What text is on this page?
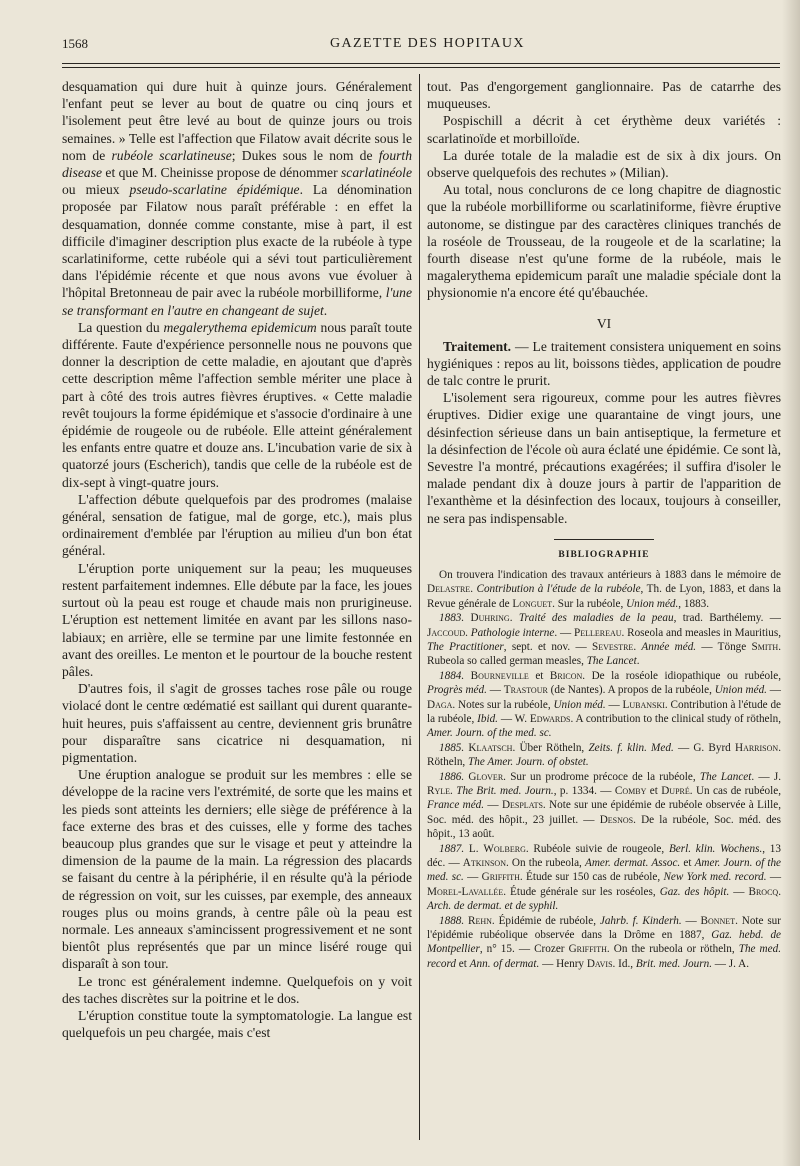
1568	GAZETTE DES HOPITAUX

desquamation qui dure huit à quinze jours. Généralement l'enfant peut se lever au bout de quatre ou cinq jours et l'isolement peut être levé au bout de quinze jours ou trois semaines. » Telle est l'affection que Filatow avait décrite sous le nom de rubéole scarlatineuse; Dukes sous le nom de fourth disease et que M. Cheinisse propose de dénommer scarlatinéole ou mieux pseudo-scarlatine épidémique. La dénomination proposée par Filatow nous paraît préférable : en effet la desquamation, donnée comme constante, mise à part, il est difficile d'imaginer description plus exacte de la rubéole à type scarlatiniforme, cette rubéole qui a sévi tout particulièrement dans l'épidémie récente et que nous avons vue évoluer à l'hôpital Bretonneau de pair avec la rubéole morbilliforme, l'une se transformant en l'autre en changeant de sujet.

La question du megalerythema epidemicum nous paraît toute différente. Faute d'expérience personnelle nous ne pouvons que donner la description de cette maladie, en ajoutant que d'après cette description même l'affection semble mériter une place à part à côté des trois autres fièvres éruptives. « Cette maladie revêt toujours la forme épidémique et s'associe d'ordinaire à une épidémie de rougeole ou de rubéole. Elle atteint généralement les enfants entre quatre et douze ans. L'incubation varie de six à quatorzé jours (Escherich), tandis que celle de la rubéole est de dix-sept à vingt-quatre jours.

L'affection débute quelquefois par des prodromes (malaise général, sensation de fatigue, mal de gorge, etc.), mais plus ordinairement d'emblée par l'éruption au milieu d'un bon état général.

L'éruption porte uniquement sur la peau; les muqueuses restent parfaitement indemnes. Elle débute par la face, les joues surtout où la peau est rouge et chaude mais non prurigineuse. L'éruption est nettement limitée en avant par les sillons naso-labiaux; en arrière, elle se termine par une limite festonnée en avant des oreilles. Le menton et le pourtour de la bouche restent pâles.

D'autres fois, il s'agit de grosses taches rose pâle ou rouge violacé dont le centre œdématié est saillant qui durent quarante-huit heures, puis s'affaissent au centre, deviennent gris brunâtre pour disparaître sans cicatrice ni desquamation, ni pigmentation.

Une éruption analogue se produit sur les membres : elle se développe de la racine vers l'extrémité, de sorte que les mains et les pieds sont atteints les derniers; elle siège de préférence à la face externe des bras et des cuisses, elle y forme des taches beaucoup plus grandes que sur le visage et peut y atteindre la dimension de la paume de la main. La régression des placards se faisant du centre à la périphérie, il en résulte qu'à la période de régression on voit, sur les cuisses, par exemple, des anneaux rouges plus ou moins grands, à centre pâle où la peau est normale. Les anneaux s'amincissent progressivement et ne sont bientôt plus représentés que par un mince liséré rouge qui disparaît à son tour.

Le tronc est généralement indemne. Quelquefois on y voit des taches discrètes sur la poitrine et le dos.

L'éruption constitue toute la symptomatologie. La langue est quelquefois un peu chargée, mais c'est

tout. Pas d'engorgement ganglionnaire. Pas de catarrhe des muqueuses.

Pospischill a décrit à cet érythème deux variétés : scarlatinoïde et morbilloïde.

La durée totale de la maladie est de six à dix jours. On observe quelquefois des rechutes » (Milian).

Au total, nous conclurons de ce long chapitre de diagnostic que la rubéole morbilliforme ou scarlatiniforme, fièvre éruptive autonome, se distingue par des caractères cliniques tranchés de la roséole de Trousseau, de la rougeole et de la scarlatine; la fourth disease n'est qu'une forme de la rubéole, mais le magalerythema epidemicum paraît une maladie spéciale dont la physionomie n'a encore été qu'ébauchée.

VI

Traitement. — Le traitement consistera uniquement en soins hygiéniques : repos au lit, boissons tièdes, application de poudre de talc contre le prurit.

L'isolement sera rigoureux, comme pour les autres fièvres éruptives. Didier exige une quarantaine de vingt jours, une désinfection sérieuse dans un bain antiseptique, la fermeture et la désinfection de l'école où aura éclaté une épidémie. Ce sont là, Sevestre l'a montré, précautions exagérées; il suffira d'isoler le malade pendant dix à douze jours à partir de l'apparition de l'exanthème et la désinfection des locaux, toujours à conseiller, ne sera pas indispensable.

BIBLIOGRAPHIE

On trouvera l'indication des travaux antérieurs à 1883 dans le mémoire de Delastre. Contribution à l'étude de la rubéole, Th. de Lyon, 1883, et dans la Revue générale de Longuet. Sur la rubéole, Union méd., 1883.

1883. Duhring. Traité des maladies de la peau, trad. Barthélemy. — Jaccoud. Pathologie interne. — Pellereau. Roseola and measles in Mauritius, The Practitioner, sept. et nov. — Sevestre. Année méd. — Tönge Smith. Rubeola so called german measles, The Lancet.

1884. Bourneville et Bricon. De la roséole idiopathique ou rubéole, Progrès méd. — Trastour (de Nantes). A propos de la rubéole, Union méd. — Daga. Notes sur la rubéole, Union méd. — Lubanski. Contribution à l'étude de la rubéole, Ibid. — W. Edwards. A contribution to the clinical study of rötheln, Amer. Journ. of the med. sc.

1885. Klaatsch. Über Rötheln, Zeits. f. klin. Med. — G. Byrd Harrison. Rötheln, The Amer. Journ. of obstet.

1886. Glover. Sur un prodrome précoce de la rubéole, The Lancet. — J. Ryle. The Brit. med. Journ., p. 1334. — Comby et Dupré. Un cas de rubéole, France méd. — Desplats. Note sur une épidémie de rubéole observée à Lille, Soc. méd. des hôpit., 23 juillet. — Desnos. De la rubéole, Soc. méd. des hôpit., 13 août.

1887. L. Wolberg. Rubéole suivie de rougeole, Berl. klin. Wochens., 13 déc. — Atkinson. On the rubeola, Amer. dermat. Assoc. et Amer. Journ. of the med. sc. — Griffith. Étude sur 150 cas de rubéole, New York med. record. — Morel-Lavallée. Étude générale sur les roséoles, Gaz. des hôpit. — Brocq. Arch. de dermat. et de syphil.

1888. Rehn. Épidémie de rubéole, Jahrb. f. Kinderh. — Bonnet. Note sur l'épidémie rubéolique observée dans la Drôme en 1887, Gaz. hebd. de Montpellier, n° 15. — Crozer Griffith. On the rubeola or rötheln, The med. record et Ann. of dermat. — Henry Davis. Id., Brit. med. Journ. — J. A.
